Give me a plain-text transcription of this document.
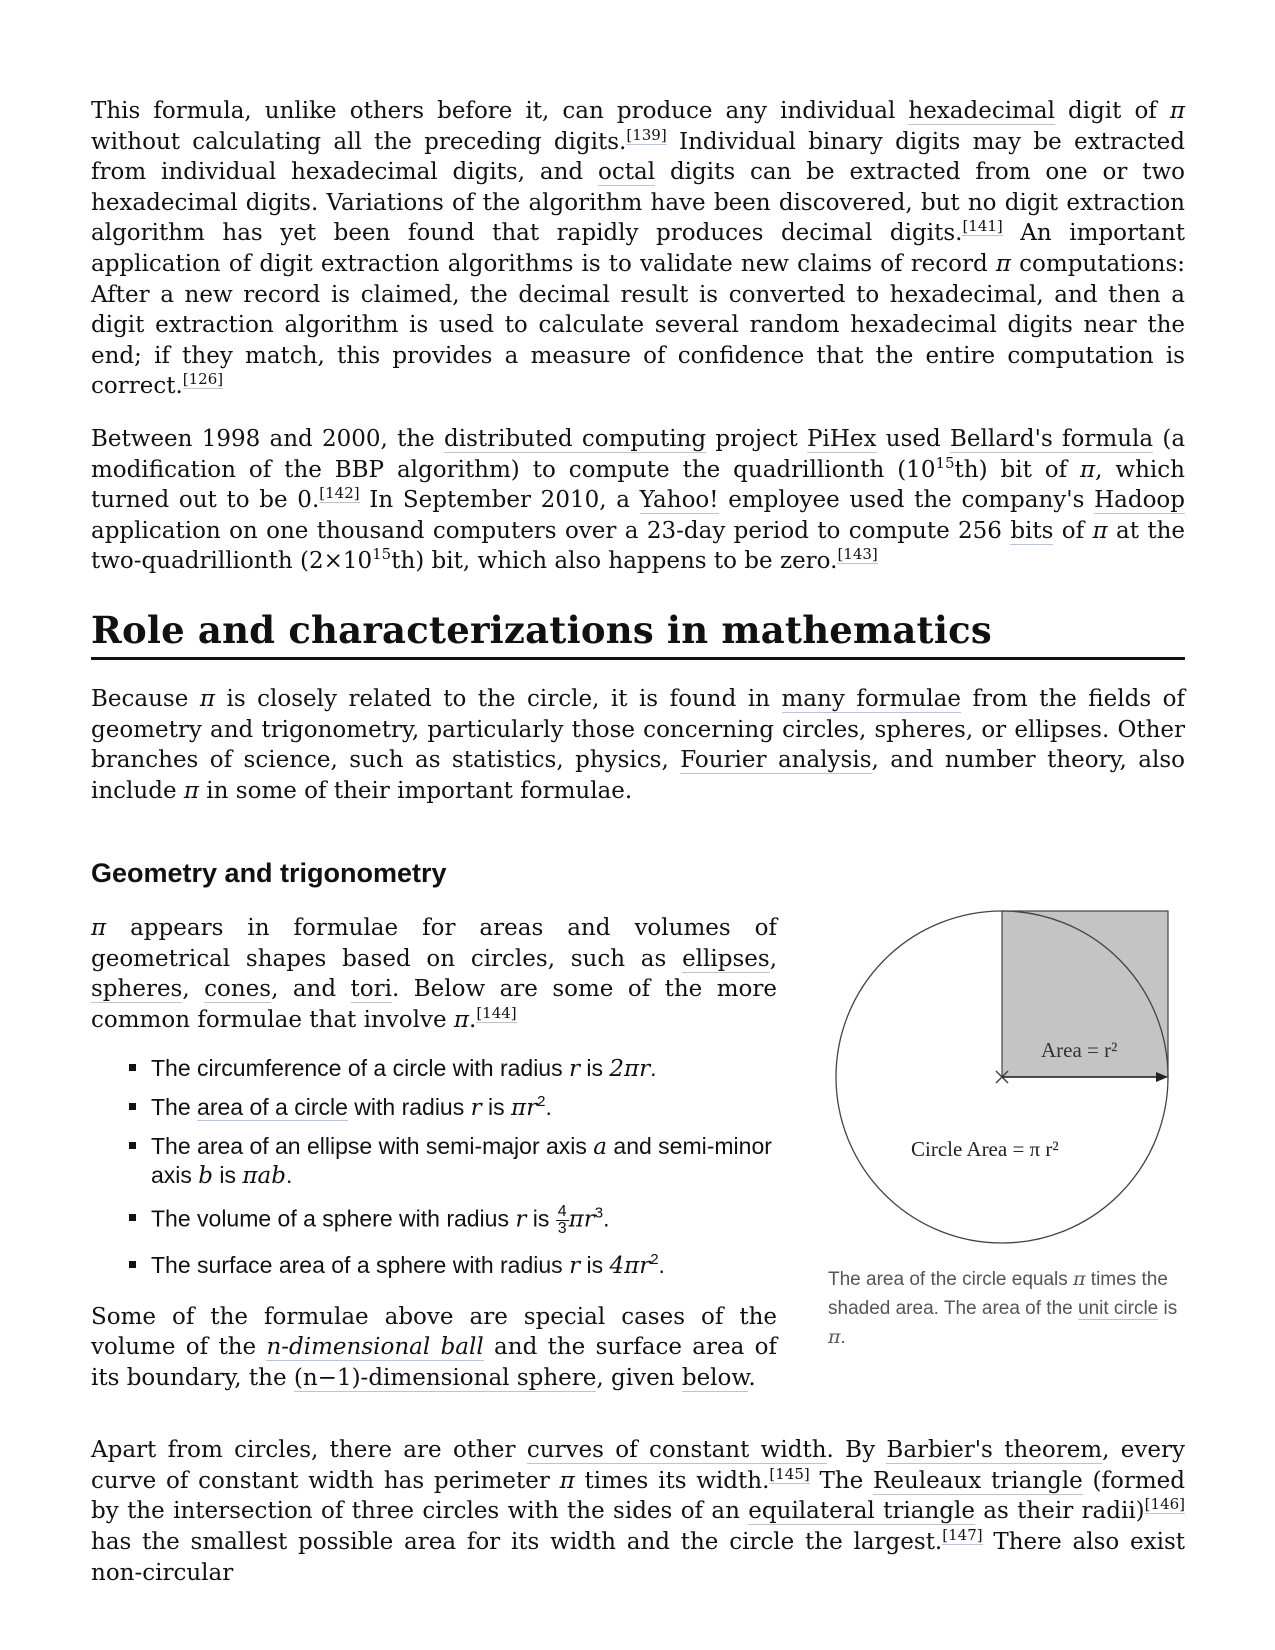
This formula, unlike others before it, can produce any individual hexadecimal digit of π without calculating all the preceding digits.[139] Individual binary digits may be extracted from individual hexadecimal digits, and octal digits can be extracted from one or two hexadecimal digits. Variations of the algorithm have been discovered, but no digit extraction algorithm has yet been found that rapidly produces decimal digits.[141] An important application of digit extraction algorithms is to validate new claims of record π computations: After a new record is claimed, the decimal result is converted to hexadecimal, and then a digit extraction algorithm is used to calculate several random hexadecimal digits near the end; if they match, this provides a measure of confidence that the entire computation is correct.[126]

Between 1998 and 2000, the distributed computing project PiHex used Bellard's formula (a modification of the BBP algorithm) to compute the quadrillionth $(10^{15}th)$ bit of π, which turned out to be 0.[142] In September 2010, a Yahoo! employee used the company's Hadoop application on one thousand computers over a 23-day period to compute 256 bits of π at the two-quadrillionth $(2\times 10^{15}th)$ bit, which also happens to be zero.[143]

Role and characterizations in mathematics

Because π is closely related to the circle, it is found in many formulae from the fields of geometry and trigonometry, particularly those concerning circles, spheres, or ellipses. Other branches of science, such as statistics, physics, Fourier analysis, and number theory, also include π in some of their important formulae.

Geometry and trigonometry

π appears in formulae for areas and volumes of geometrical shapes based on circles, such as ellipses, spheres, cones, and tori. Below are some of the more common formulae that involve π.[144]

The circumference of a circle with radius r is 2πr.
The area of a circle with radius r is $\pi r^2$.
The area of an ellipse with semi-major axis a and semi-minor axis b is πab.
The volume of a sphere with radius r is $\frac{4}{3} \pi r^3$.
The surface area of a sphere with radius r is $4\pi r^2$.

Some of the formulae above are special cases of the volume of the n-dimensional ball and the surface area of its boundary, the (n−1)-dimensional sphere, given below.

Area = r²
Circle Area = π r²
The area of the circle equals π times the shaded area. The area of the unit circle is π.

Apart from circles, there are other curves of constant width. By Barbier's theorem, every curve of constant width has perimeter π times its width.[145] The Reuleaux triangle (formed by the intersection of three circles with the sides of an equilateral triangle as their radii)[146] has the smallest possible area for its width and the circle the largest.[147] There also exist non-circular
